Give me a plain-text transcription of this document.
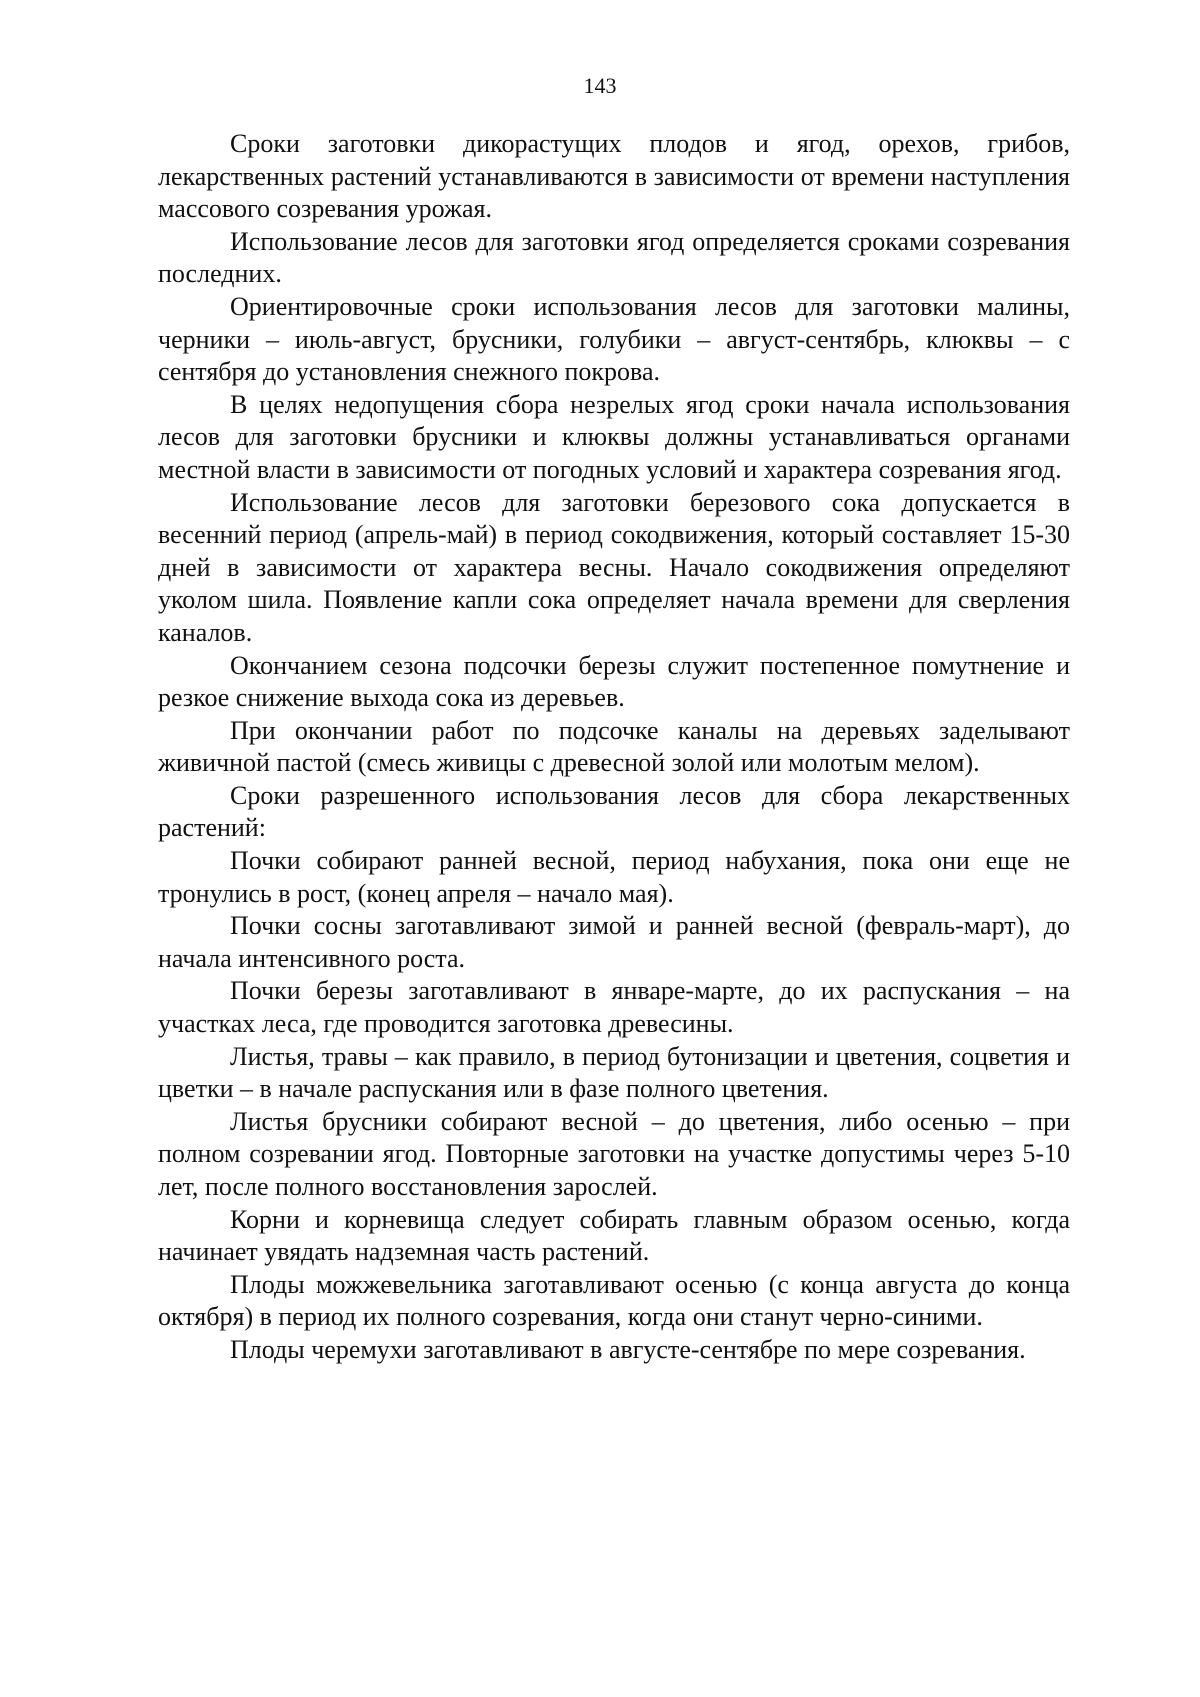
143

Сроки заготовки дикорастущих плодов и ягод, орехов, грибов, лекарственных растений устанавливаются в зависимости от времени наступления массового созревания урожая.

Использование лесов для заготовки ягод определяется сроками созревания последних.

Ориентировочные сроки использования лесов для заготовки малины, черники – июль-август, брусники, голубики – август-сентябрь, клюквы – с сентября до установления снежного покрова.

В целях недопущения сбора незрелых ягод сроки начала использования лесов для заготовки брусники и клюквы должны устанавливаться органами местной власти в зависимости от погодных условий и характера созревания ягод.

Использование лесов для заготовки березового сока допускается в весенний период (апрель-май) в период сокодвижения, который составляет 15-30 дней в зависимости от характера весны. Начало сокодвижения определяют уколом шила. Появление капли сока определяет начала времени для сверления каналов.

Окончанием сезона подсочки березы служит постепенное помутнение и резкое снижение выхода сока из деревьев.

При окончании работ по подсочке каналы на деревьях заделывают живичной пастой (смесь живицы с древесной золой или молотым мелом).

Сроки разрешенного использования лесов для сбора лекарственных растений:

Почки собирают ранней весной, период набухания, пока они еще не тронулись в рост, (конец апреля – начало мая).

Почки сосны заготавливают зимой и ранней весной (февраль-март), до начала интенсивного роста.

Почки березы заготавливают в январе-марте, до их распускания – на участках леса, где проводится заготовка древесины.

Листья, травы – как правило, в период бутонизации и цветения, соцветия и цветки – в начале распускания или в фазе полного цветения.

Листья брусники собирают весной – до цветения, либо осенью – при полном созревании ягод. Повторные заготовки на участке допустимы через 5-10 лет, после полного восстановления зарослей.

Корни и корневища следует собирать главным образом осенью, когда начинает увядать надземная часть растений.

Плоды можжевельника заготавливают осенью (с конца августа до конца октября) в период их полного созревания, когда они станут черно-синими.

Плоды черемухи заготавливают в августе-сентябре по мере созревания.
